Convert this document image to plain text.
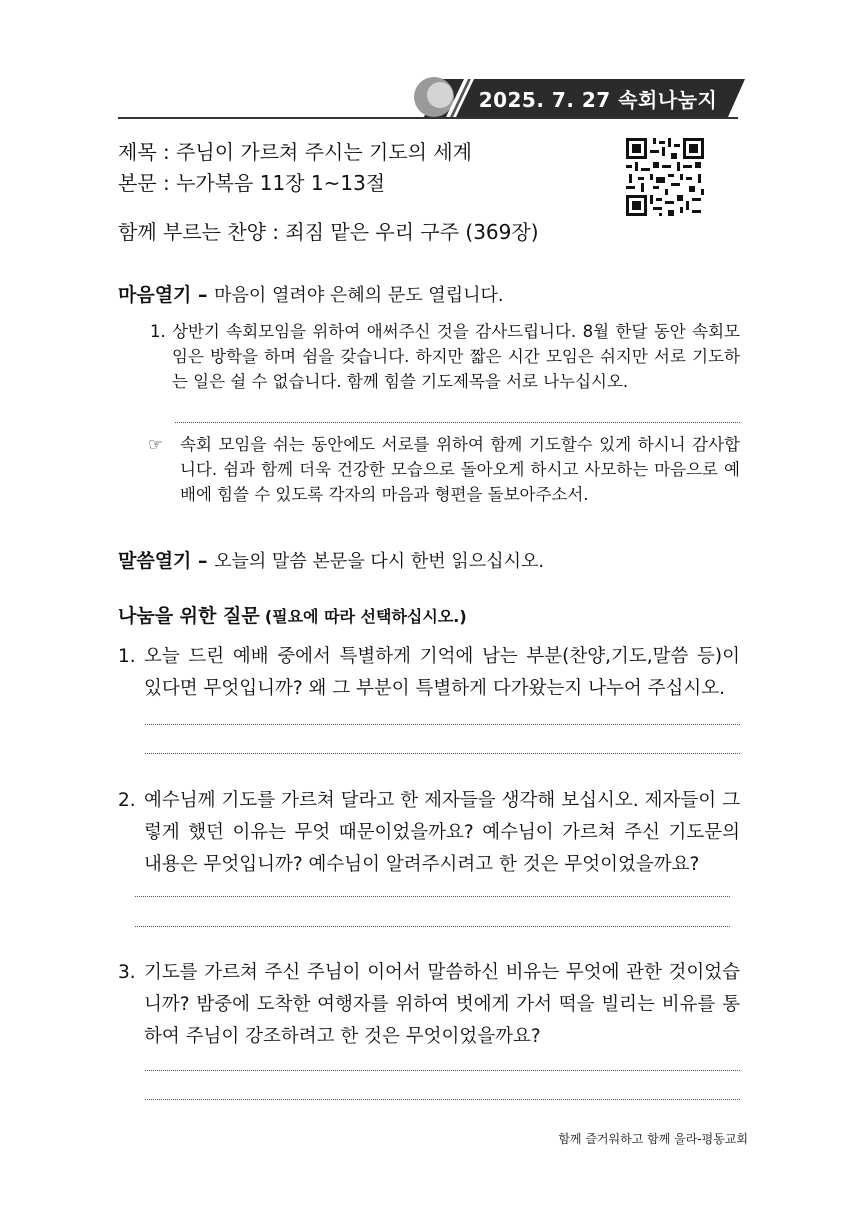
2025. 7. 27 속회나눔지
제목 : 주님이 가르쳐 주시는 기도의 세계
본문 : 누가복음 11장 1~13절
함께 부르는 찬양 : 죄짐 맡은 우리 구주 (369장)
마음열기 – 마음이 열려야 은혜의 문도 열립니다.
1. 상반기 속회모임을 위하여 애써주신 것을 감사드립니다. 8월 한달 동안 속회모임은 방학을 하며 쉼을 갖습니다. 하지만 짧은 시간 모임은 쉬지만 서로 기도하는 일은 쉴 수 없습니다. 함께 힘쓸 기도제목을 서로 나누십시오.
☞	속회 모임을 쉬는 동안에도 서로를 위하여 함께 기도할수 있게 하시니 감사합니다. 쉼과 함께 더욱 건강한 모습으로 돌아오게 하시고 사모하는 마음으로 예배에 힘쓸 수 있도록 각자의 마음과 형편을 돌보아주소서.
말씀열기 – 오늘의 말씀 본문을 다시 한번 읽으십시오.
나눔을 위한 질문 (필요에 따라 선택하십시오.)
1. 오늘 드린 예배 중에서 특별하게 기억에 남는 부분(찬양,기도,말씀 등)이 있다면 무엇입니까? 왜 그 부분이 특별하게 다가왔는지 나누어 주십시오.
2. 예수님께 기도를 가르쳐 달라고 한 제자들을 생각해 보십시오. 제자들이 그렇게 했던 이유는 무엇 때문이었을까요? 예수님이 가르쳐 주신 기도문의 내용은 무엇입니까? 예수님이 알려주시려고 한 것은 무엇이었을까요?
3. 기도를 가르쳐 주신 주님이 이어서 말씀하신 비유는 무엇에 관한 것이었습니까? 밤중에 도착한 여행자를 위하여 벗에게 가서 떡을 빌리는 비유를 통하여 주님이 강조하려고 한 것은 무엇이었을까요?
함께 즐거워하고 함께 울라-평동교회
